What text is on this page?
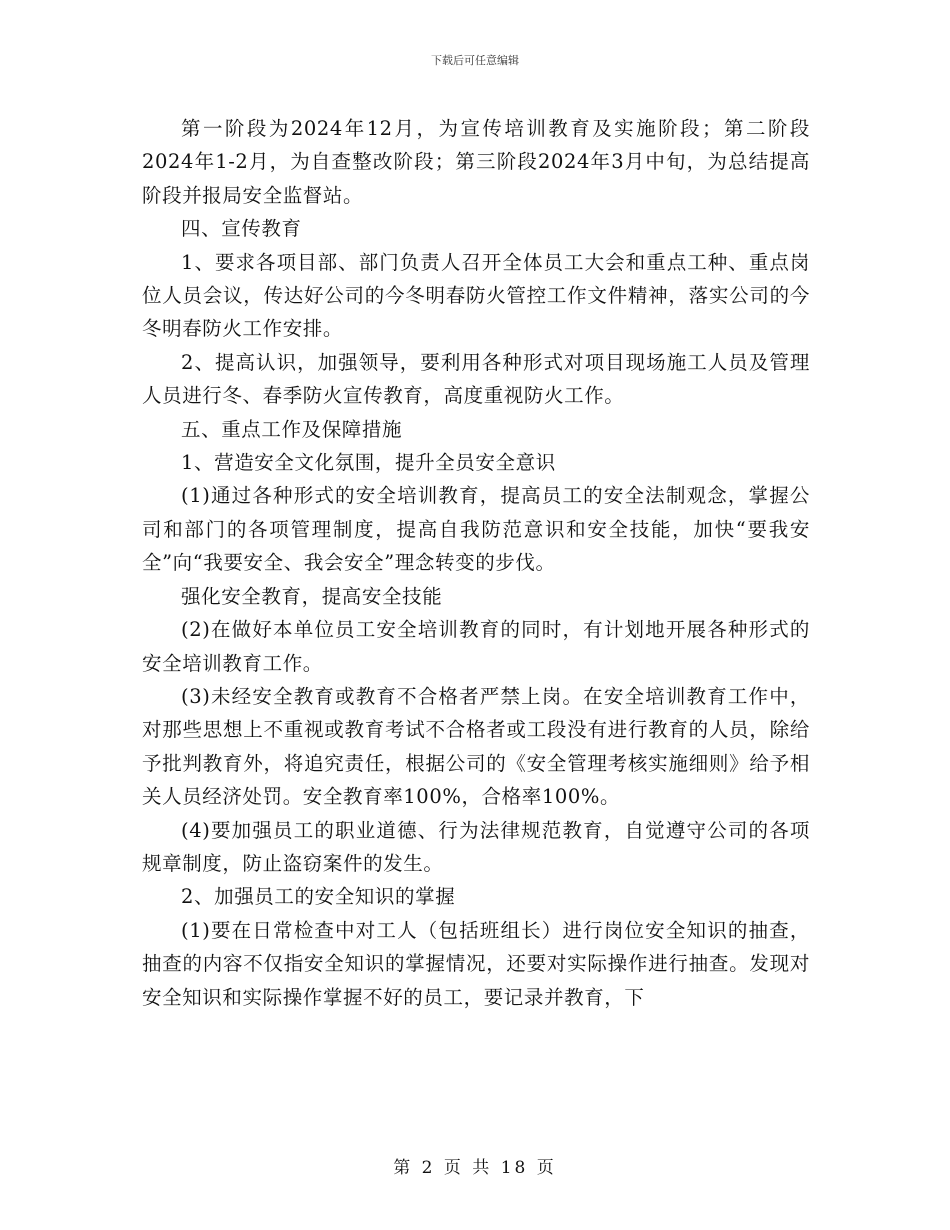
下载后可任意编辑

第一阶段为2024年12月，为宣传培训教育及实施阶段；第二阶段2024年1-2月，为自查整改阶段；第三阶段2024年3月中旬，为总结提高阶段并报局安全监督站。

四、宣传教育

1、要求各项目部、部门负责人召开全体员工大会和重点工种、重点岗位人员会议，传达好公司的今冬明春防火管控工作文件精神，落实公司的今冬明春防火工作安排。

2、提高认识，加强领导，要利用各种形式对项目现场施工人员及管理人员进行冬、春季防火宣传教育，高度重视防火工作。

五、重点工作及保障措施

1、营造安全文化氛围，提升全员安全意识

(1)通过各种形式的安全培训教育，提高员工的安全法制观念，掌握公司和部门的各项管理制度，提高自我防范意识和安全技能，加快“要我安全”向“我要安全、我会安全”理念转变的步伐。

强化安全教育，提高安全技能

(2)在做好本单位员工安全培训教育的同时，有计划地开展各种形式的安全培训教育工作。

(3)未经安全教育或教育不合格者严禁上岗。在安全培训教育工作中，对那些思想上不重视或教育考试不合格者或工段没有进行教育的人员，除给予批判教育外，将追究责任，根据公司的《安全管理考核实施细则》给予相关人员经济处罚。安全教育率100%，合格率100%。

(4)要加强员工的职业道德、行为法律规范教育，自觉遵守公司的各项规章制度，防止盗窃案件的发生。

2、加强员工的安全知识的掌握

(1)要在日常检查中对工人（包括班组长）进行岗位安全知识的抽查，抽查的内容不仅指安全知识的掌握情况，还要对实际操作进行抽查。发现对安全知识和实际操作掌握不好的员工，要记录并教育，下

第 2 页 共 18 页
